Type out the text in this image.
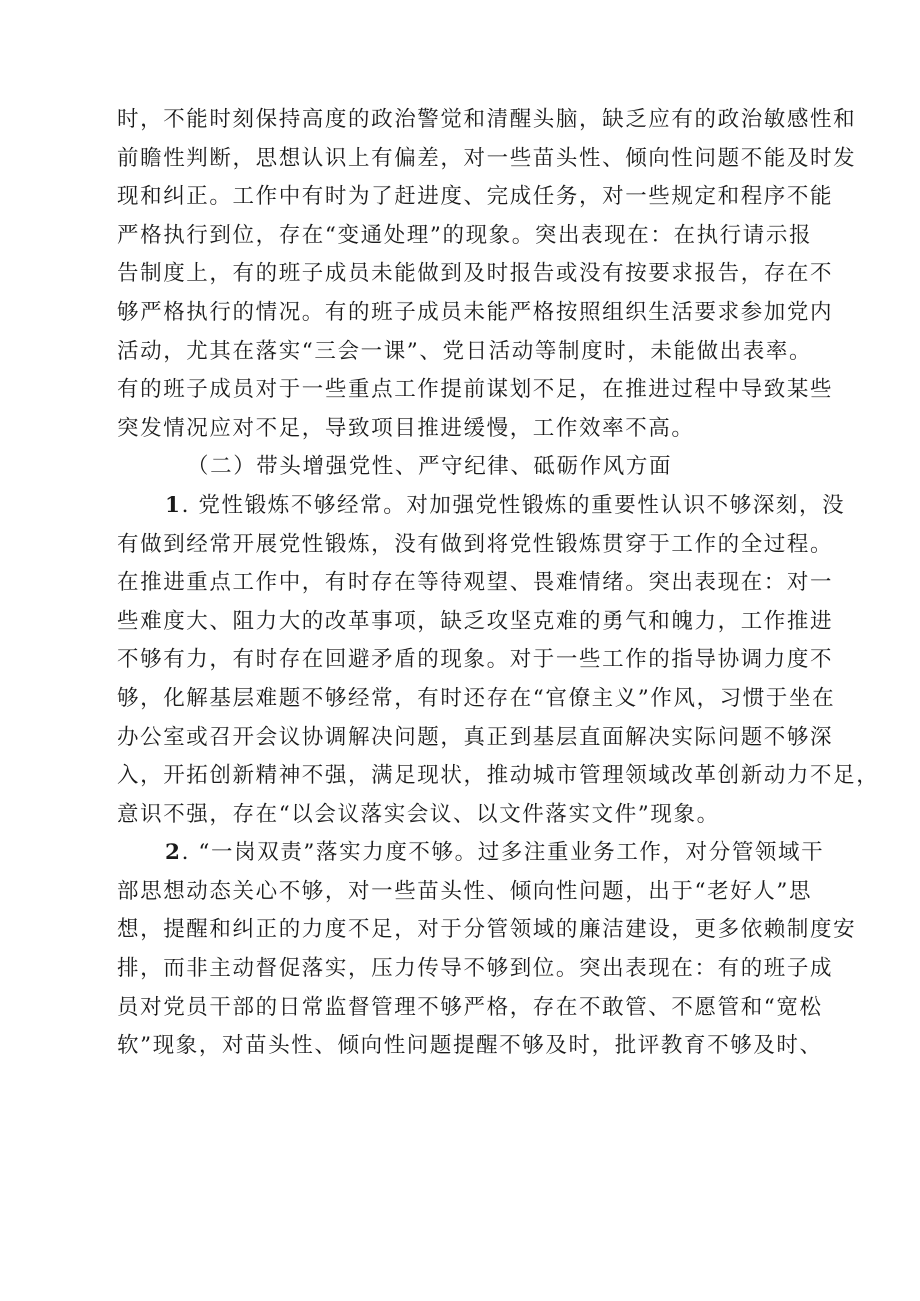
时，不能时刻保持高度的政治警觉和清醒头脑，缺乏应有的政治敏感性和
前瞻性判断，思想认识上有偏差，对一些苗头性、倾向性问题不能及时发
现和纠正。工作中有时为了赶进度、完成任务，对一些规定和程序不能
严格执行到位，存在“变通处理”的现象。突出表现在：在执行请示报
告制度上，有的班子成员未能做到及时报告或没有按要求报告，存在不
够严格执行的情况。有的班子成员未能严格按照组织生活要求参加党内
活动，尤其在落实“三会一课”、党日活动等制度时，未能做出表率。
有的班子成员对于一些重点工作提前谋划不足，在推进过程中导致某些
突发情况应对不足，导致项目推进缓慢，工作效率不高。
（二）带头增强党性、严守纪律、砥砺作风方面
1. 党性锻炼不够经常。对加强党性锻炼的重要性认识不够深刻，没
有做到经常开展党性锻炼，没有做到将党性锻炼贯穿于工作的全过程。
在推进重点工作中，有时存在等待观望、畏难情绪。突出表现在：对一
些难度大、阻力大的改革事项，缺乏攻坚克难的勇气和魄力，工作推进
不够有力，有时存在回避矛盾的现象。对于一些工作的指导协调力度不
够，化解基层难题不够经常，有时还存在“官僚主义”作风，习惯于坐在
办公室或召开会议协调解决问题，真正到基层直面解决实际问题不够深
入，开拓创新精神不强，满足现状，推动城市管理领域改革创新动力不足，
意识不强，存在“以会议落实会议、以文件落实文件”现象。
2. “一岗双责”落实力度不够。过多注重业务工作，对分管领域干
部思想动态关心不够，对一些苗头性、倾向性问题，出于“老好人”思
想，提醒和纠正的力度不足，对于分管领域的廉洁建设，更多依赖制度安
排，而非主动督促落实，压力传导不够到位。突出表现在：有的班子成
员对党员干部的日常监督管理不够严格，存在不敢管、不愿管和“宽松
软”现象，对苗头性、倾向性问题提醒不够及时，批评教育不够及时、
